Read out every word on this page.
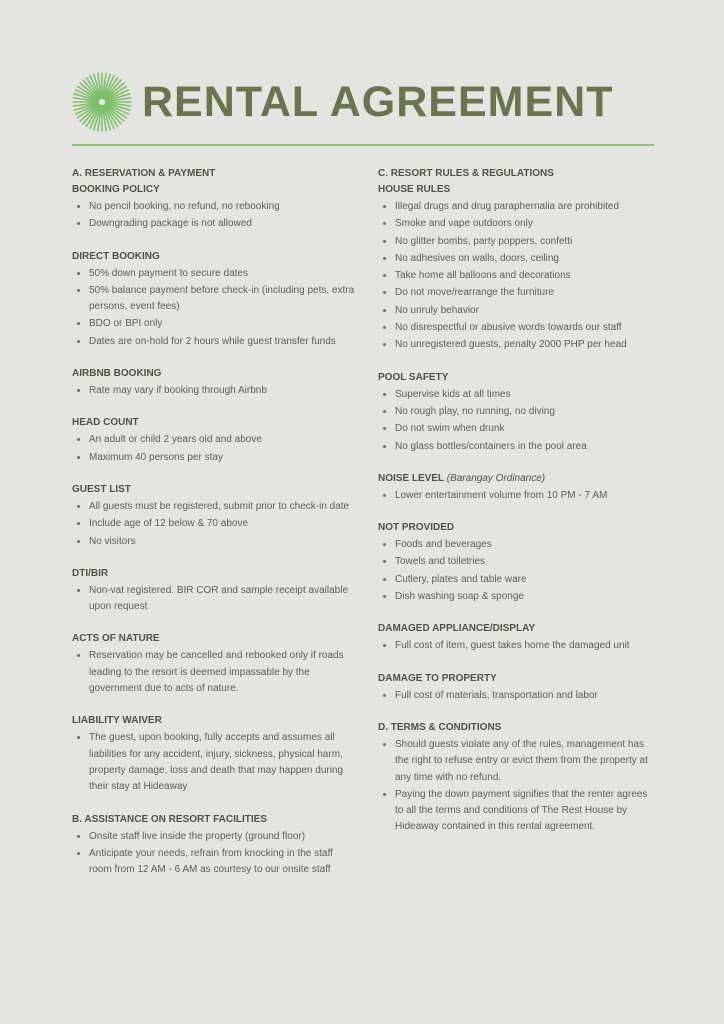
RENTAL AGREEMENT
A. RESERVATION & PAYMENT
BOOKING POLICY
• No pencil booking, no refund, no rebooking
• Downgrading package is not allowed
DIRECT BOOKING
• 50% down payment to secure dates
• 50% balance payment before check-in (including pets, extra persons, event fees)
• BDO or BPI only
• Dates are on-hold for 2 hours while guest transfer funds
AIRBNB BOOKING
• Rate may vary if booking through Airbnb
HEAD COUNT
• An adult or child 2 years old and above
• Maximum 40 persons per stay
GUEST LIST
• All guests must be registered, submit prior to check-in date
• Include age of 12 below & 70 above
• No visitors
DTI/BIR
• Non-vat registered. BIR COR and sample receipt available upon request
ACTS OF NATURE
• Reservation may be cancelled and rebooked only if roads leading to the resort is deemed impassable by the government due to acts of nature.
LIABILITY WAIVER
• The guest, upon booking, fully accepts and assumes all liabilities for any accident, injury, sickness, physical harm, property damage, loss and death that may happen during their stay at Hideaway
B. ASSISTANCE ON RESORT FACILITIES
• Onsite staff live inside the property (ground floor)
• Anticipate your needs, refrain from knocking in the staff room from 12 AM - 6 AM as courtesy to our onsite staff
C. RESORT RULES & REGULATIONS
HOUSE RULES
• Illegal drugs and drug paraphernalia are prohibited
• Smoke and vape outdoors only
• No glitter bombs, party poppers, confetti
• No adhesives on walls, doors, ceiling
• Take home all balloons and decorations
• Do not move/rearrange the furniture
• No unruly behavior
• No disrespectful or abusive words towards our staff
• No unregistered guests, penalty 2000 PHP per head
POOL SAFETY
• Supervise kids at all times
• No rough play, no running, no diving
• Do not swim when drunk
• No glass bottles/containers in the pool area
NOISE LEVEL (Barangay Ordinance)
• Lower entertainment volume from 10 PM - 7 AM
NOT PROVIDED
• Foods and beverages
• Towels and toiletries
• Cutlery, plates and table ware
• Dish washing soap & sponge
DAMAGED APPLIANCE/DISPLAY
• Full cost of item, guest takes home the damaged unit
DAMAGE TO PROPERTY
• Full cost of materials, transportation and labor
D. TERMS & CONDITIONS
• Should guests violate any of the rules, management has the right to refuse entry or evict them from the property at any time with no refund.
• Paying the down payment signifies that the renter agrees to all the terms and conditions of The Rest House by Hideaway contained in this rental agreement.
